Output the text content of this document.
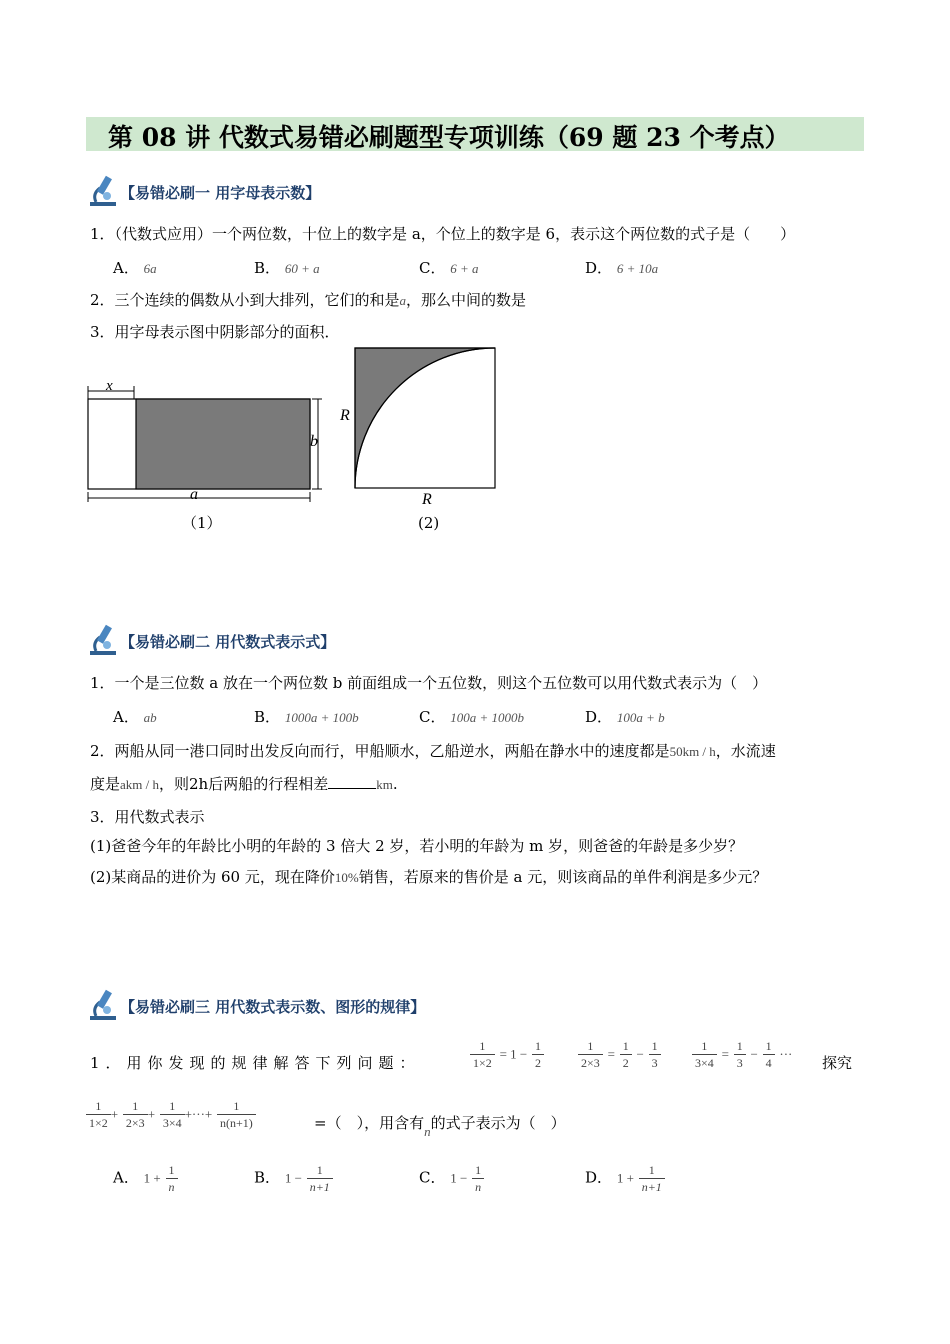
第 08 讲 代数式易错必刷题型专项训练（69 题 23 个考点）
【易错必刷一 用字母表示数】
1．（代数式应用）一个两位数，十位上的数字是 a，个位上的数字是 6，表示这个两位数的式子是（　　）
A． 6a	B． 60 + a	C． 6 + a	D． 6 + 10a
2．三个连续的偶数从小到大排列，它们的和是a，那么中间的数是
3．用字母表示图中阴影部分的面积．
x
b
a
（1）
R
R
(2)
【易错必刷二 用代数式表示式】
1．一个是三位数 a 放在一个两位数 b 前面组成一个五位数，则这个五位数可以用代数式表示为（　）
A． ab	B． 1000a + 100b	C． 100a + 1000b	D． 100a + b
2．两船从同一港口同时出发反向而行，甲船顺水，乙船逆水，两船在静水中的速度都是50km / h，水流速
度是akm / h，则2h后两船的行程相差	km.
3．用代数式表示
(1)爸爸今年的年龄比小明的年龄的 3 倍大 2 岁，若小明的年龄为 m 岁，则爸爸的年龄是多少岁？
(2)某商品的进价为 60 元，现在降价10%销售，若原来的售价是 a 元，则该商品的单件利润是多少元？
【易错必刷三 用代数式表示数、图形的规律】
1．用你发现的规律解答下列问题：	$\frac{1}{1\times 2} = 1 - \frac{1}{2}$	$\frac{1}{2\times 3} = \frac{1}{2} - \frac{1}{3}$	$\frac{1}{3\times 4} = \frac{1}{3} - \frac{1}{4}$ ··· 探究
$\frac{1}{1\times 2} + \frac{1}{2\times 3} + \frac{1}{3\times 4}$ +···+ $\frac{1}{n(n+1)}$	=（　），用含有n的式子表示为（　）
A． $1 + \frac{1}{n}$	B． $1 - \frac{1}{n+1}$	C． $1 - \frac{1}{n}$	D． $1 + \frac{1}{n+1}$
